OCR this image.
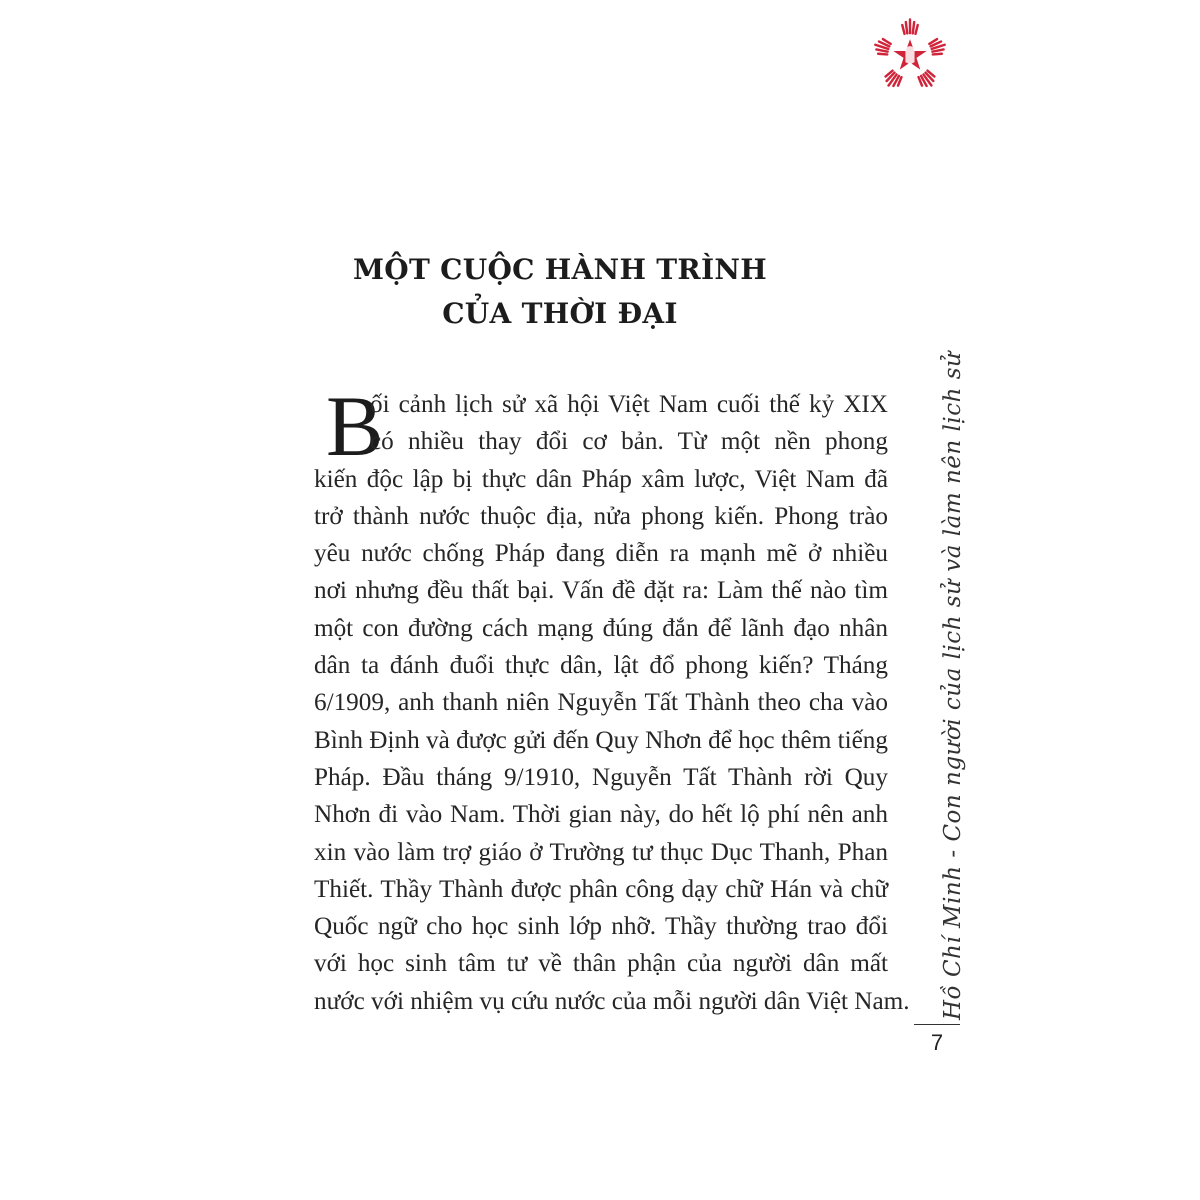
MỘT CUỘC HÀNH TRÌNH
CỦA THỜI ĐẠI
B
ối cảnh lịch sử xã hội Việt Nam cuối thế kỷ XIX
có nhiều thay đổi cơ bản. Từ một nền phong
kiến độc lập bị thực dân Pháp xâm lược, Việt Nam đã
trở thành nước thuộc địa, nửa phong kiến. Phong trào
yêu nước chống Pháp đang diễn ra mạnh mẽ ở nhiều
nơi nhưng đều thất bại. Vấn đề đặt ra: Làm thế nào tìm
một con đường cách mạng đúng đắn để lãnh đạo nhân
dân ta đánh đuổi thực dân, lật đổ phong kiến? Tháng
6/1909, anh thanh niên Nguyễn Tất Thành theo cha vào
Bình Định và được gửi đến Quy Nhơn để học thêm tiếng
Pháp. Đầu tháng 9/1910, Nguyễn Tất Thành rời Quy
Nhơn đi vào Nam. Thời gian này, do hết lộ phí nên anh
xin vào làm trợ giáo ở Trường tư thục Dục Thanh, Phan
Thiết. Thầy Thành được phân công dạy chữ Hán và chữ
Quốc ngữ cho học sinh lớp nhỡ. Thầy thường trao đổi
với học sinh tâm tư về thân phận của người dân mất
nước với nhiệm vụ cứu nước của mỗi người dân Việt Nam. Hồ Chí Minh - Con người của lịch sử và làm nên lịch sử
7
